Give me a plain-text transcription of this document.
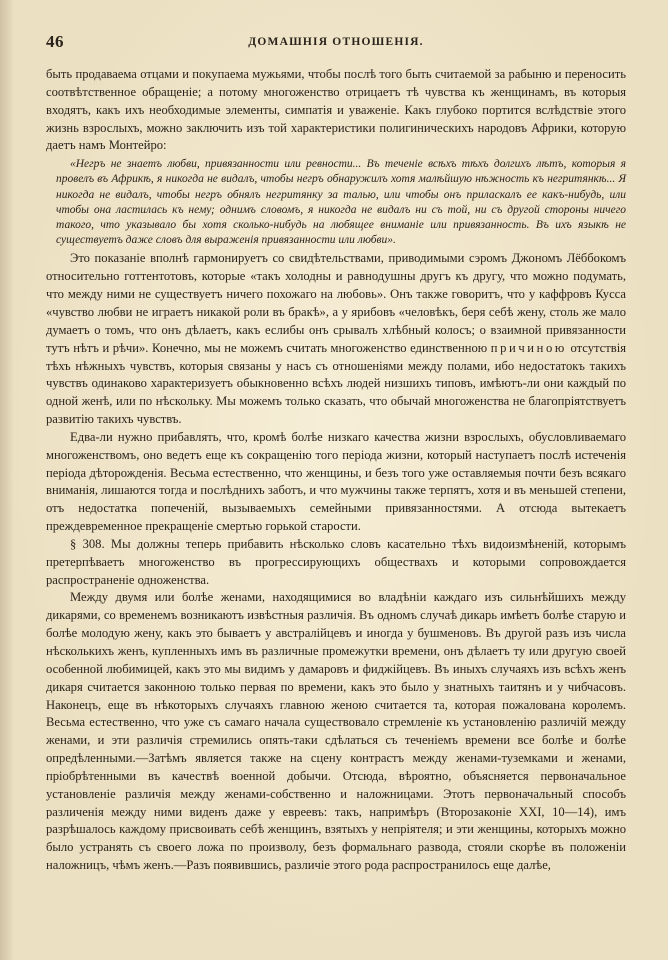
46	ДОМАШНІЯ ОТНОШЕНІЯ.

быть продаваема отцами и покупаема мужьями, чтобы послѣ того быть считаемой за рабыню и переносить соотвѣтственное обращеніе; а потому многоженство отрицаетъ тѣ чувства къ женщинамъ, въ которыя входятъ, какъ ихъ необходимые элементы, симпатія и уваженіе. Какъ глубоко портится вслѣдствіе этого жизнь взрослыхъ, можно заключить изъ той характеристики полигиническихъ народовъ Африки, которую даетъ намъ Монтейро:

«Негръ не знаетъ любви, привязанности или ревности... Въ теченіе всѣхъ тѣхъ долгихъ лѣтъ, которыя я провелъ въ Африкѣ, я никогда не видалъ, чтобы негръ обнаружилъ хотя малѣйшую нѣжность къ негритянкѣ... Я никогда не видалъ, чтобы негръ обнялъ негритянку за талью, или чтобы онъ приласкалъ ее какъ-нибудь, или чтобы она ластилась къ нему; однимъ словомъ, я никогда не видалъ ни съ той, ни съ другой стороны ничего такого, что указывало бы хотя сколько-нибудь на любящее вниманіе или привязанность. Въ ихъ языкѣ не существуетъ даже словъ для выраженія привязанности или любви».

Это показаніе вполнѣ гармонируетъ со свидѣтельствами, приводимыми сэромъ Джономъ Лёббокомъ относительно готтентотовъ, которые «такъ холодны и равнодушны другъ къ другу, что можно подумать, что между ними не существуетъ ничего похожаго на любовь». Онъ также говоритъ, что у каффровъ Кусса «чувство любви не играетъ никакой роли въ бракѣ», а у ярибовъ «человѣкъ, беря себѣ жену, столь же мало думаетъ о томъ, что онъ дѣлаетъ, какъ еслибы онъ срывалъ хлѣбный колосъ; о взаимной привязанности тутъ нѣтъ и рѣчи». Конечно, мы не можемъ считать многоженство единственною причиною отсутствія тѣхъ нѣжныхъ чувствъ, которыя связаны у насъ съ отношеніями между полами, ибо недостатокъ такихъ чувствъ одинаково характеризуетъ обыкновенно всѣхъ людей низшихъ типовъ, имѣютъ-ли они каждый по одной женѣ, или по нѣскольку. Мы можемъ только сказать, что обычай многоженства не благопріятствуетъ развитію такихъ чувствъ.

Едва-ли нужно прибавлять, что, кромѣ болѣе низкаго качества жизни взрослыхъ, обусловливаемаго многоженствомъ, оно ведетъ еще къ сокращенію того періода жизни, который наступаетъ послѣ истеченія періода дѣторожденія. Весьма естественно, что женщины, и безъ того уже оставляемыя почти безъ всякаго вниманія, лишаются тогда и послѣднихъ заботъ, и что мужчины также терпятъ, хотя и въ меньшей степени, отъ недостатка попеченій, вызываемыхъ семейными привязанностями. А отсюда вытекаетъ преждевременное прекращеніе смертью горькой старости.

§ 308. Мы должны теперь прибавить нѣсколько словъ касательно тѣхъ видоизмѣненій, которымъ претерпѣваетъ многоженство въ прогрессирующихъ обществахъ и которыми сопровождается распространеніе одноженства.

Между двумя или болѣе женами, находящимися во владѣніи каждаго изъ сильнѣйшихъ между дикарями, со временемъ возникаютъ извѣстныя различія. Въ одномъ случаѣ дикарь имѣетъ болѣе старую и болѣе молодую жену, какъ это бываетъ у австралійцевъ и иногда у бушменовъ. Въ другой разъ изъ числа нѣсколькихъ женъ, купленныхъ имъ въ различные промежутки времени, онъ дѣлаетъ ту или другую своей особенной любимицей, какъ это мы видимъ у дамаровъ и фиджійцевъ. Въ иныхъ случаяхъ изъ всѣхъ женъ дикаря считается законною только первая по времени, какъ это было у знатныхъ таитянъ и у чибчасовъ. Наконецъ, еще въ нѣкоторыхъ случаяхъ главною женою считается та, которая пожалована королемъ. Весьма естественно, что уже съ самаго начала существовало стремленіе къ установленію различій между женами, и эти различія стремились опять-таки сдѣлаться съ теченіемъ времени все болѣе и болѣе опредѣленными.—Затѣмъ является также на сцену контрастъ между женами-туземками и женами, пріобрѣтенными въ качествѣ военной добычи. Отсюда, вѣроятно, объясняется первоначальное установленіе различія между женами-собственно и наложницами. Этотъ первоначальный способъ различенія между ними виденъ даже у евреевъ: такъ, напримѣръ (Второзаконіе XXI, 10—14), имъ разрѣшалось каждому присвоивать себѣ женщинъ, взятыхъ у непріятеля; и эти женщины, которыхъ можно было устранять съ своего ложа по произволу, безъ формальнаго развода, стояли скорѣе въ положеніи наложницъ, чѣмъ женъ.—Разъ появившись, различіе этого рода распространилось еще далѣе,
